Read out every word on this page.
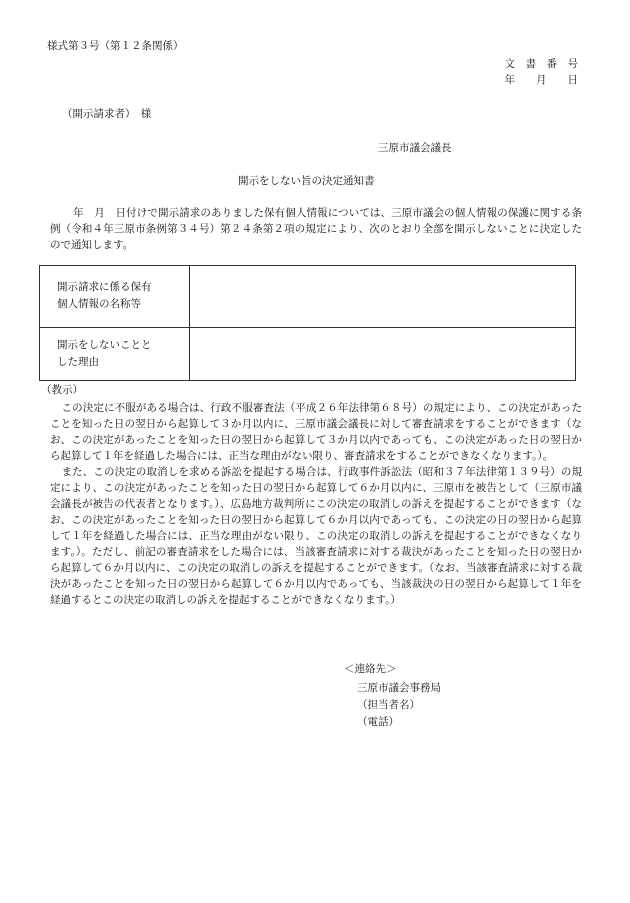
様式第３号（第１２条関係）
文　書　番　号
年　　月　　日
（開示請求者）　様
三原市議会議長
開示をしない旨の決定通知書

年　月　日付けで開示請求のありました保有個人情報については、三原市議会の個人情報の保護に関する条例（令和４年三原市条例第３４号）第２４条第２項の規定により、次のとおり全部を開示しないことに決定したので通知します。

開示請求に係る保有
個人情報の名称等
開示をしないことと
した理由
（教示）

この決定に不服がある場合は、行政不服審査法（平成２６年法律第６８号）の規定により、この決定があったことを知った日の翌日から起算して３か月以内に、三原市議会議長に対して審査請求をすることができます（なお、この決定があったことを知った日の翌日から起算して３か月以内であっても、この決定があった日の翌日から起算して１年を経過した場合には、正当な理由がない限り、審査請求をすることができなくなります。）。

また、この決定の取消しを求める訴訟を提起する場合は、行政事件訴訟法（昭和３７年法律第１３９号）の規定により、この決定があったことを知った日の翌日から起算して６か月以内に、三原市を被告として（三原市議会議長が被告の代表者となります。）、広島地方裁判所にこの決定の取消しの訴えを提起することができます（なお、この決定があったことを知った日の翌日から起算して６か月以内であっても、この決定の日の翌日から起算して１年を経過した場合には、正当な理由がない限り、この決定の取消しの訴えを提起することができなくなります。）。ただし、前記の審査請求をした場合には、当該審査請求に対する裁決があったことを知った日の翌日から起算して６か月以内に、この決定の取消しの訴えを提起することができます。（なお、当該審査請求に対する裁決があったことを知った日の翌日から起算して６か月以内であっても、当該裁決の日の翌日から起算して１年を経過するとこの決定の取消しの訴えを提起することができなくなります。）

＜連絡先＞
三原市議会事務局
（担当者名）
（電話）
